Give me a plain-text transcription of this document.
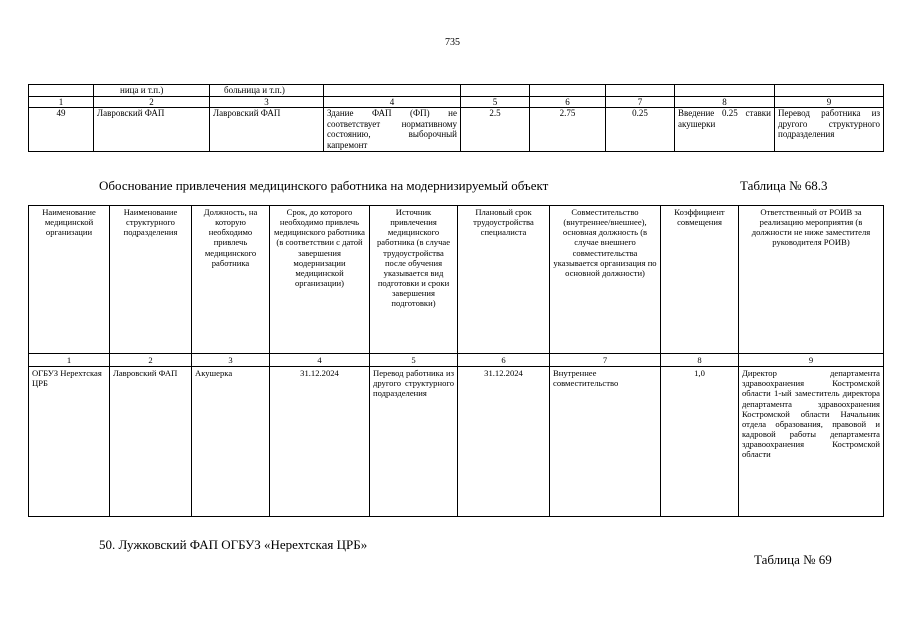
735
	ница и т.п.)	больница и т.п.)						
1	2	3	4	5	6	7	8	9
49	Лавровский ФАП	Лавровский ФАП	Здание ФАП (ФП) не соответствует нормативному состоянию, выборочный капремонт	2.5	2.75	0.25	Введение 0.25 ставки акушерки	Перевод работника из другого структурного подразделения
Обоснование привлечения медицинского работника на модернизируемый объект	Таблица № 68.3
Наименование медицинской организации	Наименование структурного подразделения	Должность, на которую необходимо привлечь медицинского работника	Срок, до которого необходимо привлечь медицинского работника (в соответствии с датой завершения модернизации медицинской организации)	Источник привлечения медицинского работника (в случае трудоустройства после обучения указывается вид подготовки и сроки завершения подготовки)	Плановый срок трудоустройства специалиста	Совместительство (внутреннее/внешнее), основная должность (в случае внешнего совместительства указывается организация по основной должности)	Коэффициент совмещения	Ответственный от РОИВ за реализацию мероприятия (в должности не ниже заместителя руководителя РОИВ)
1	2	3	4	5	6	7	8	9
ОГБУЗ Нерехтская ЦРБ	Лавровский ФАП	Акушерка	31.12.2024	Перевод работника из другого структурного подразделения	31.12.2024	Внутреннее совместительство	1,0	Директор департамента здравоохранения Костромской области 1-ый заместитель директора департамента здравоохранения Костромской области Начальник отдела образования, правовой и кадровой работы департамента здравоохранения Костромской области
50. Лужковский ФАП ОГБУЗ «Нерехтская ЦРБ»
Таблица № 69
